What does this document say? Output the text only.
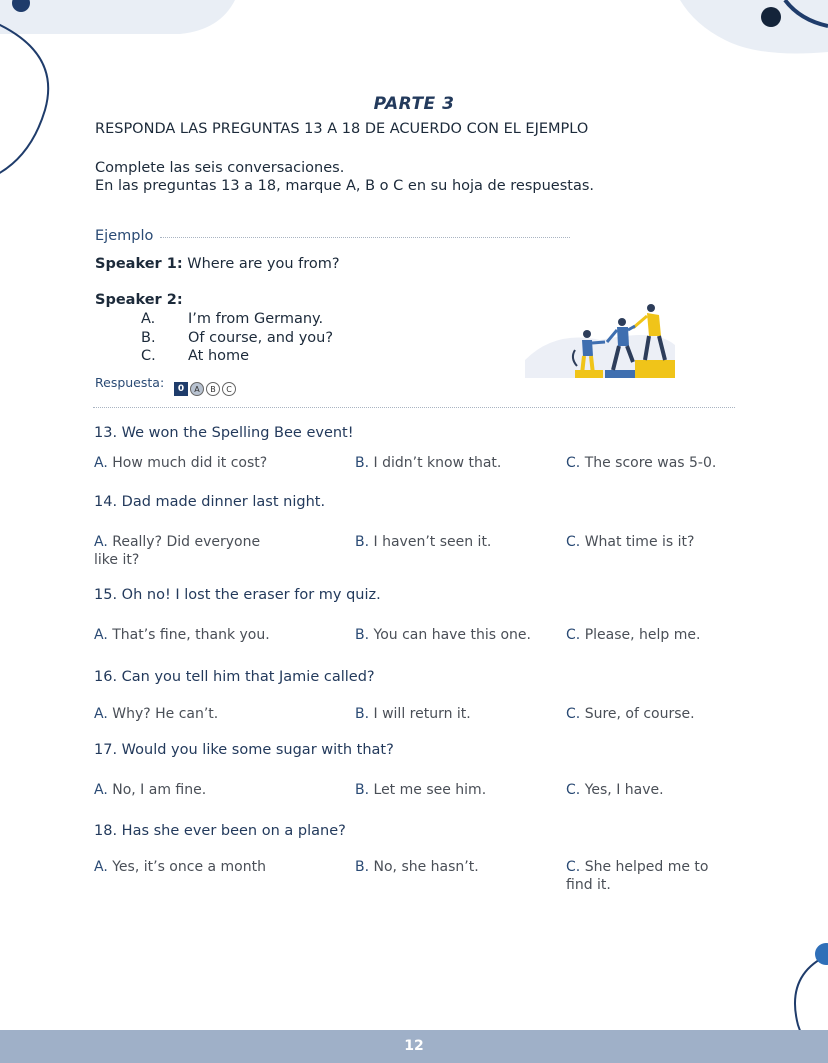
PARTE 3
RESPONDA LAS PREGUNTAS 13 A 18 DE ACUERDO CON EL EJEMPLO
Complete las seis conversaciones.
En las preguntas 13 a 18, marque A, B o C en su hoja de respuestas.
Ejemplo
Speaker 1: Where are you from?
Speaker 2:
A. I’m from Germany.
B. Of course, and you?
C. At home
Respuesta:	0	A	B	C
13. We won the Spelling Bee event!
A. How much did it cost?	B. I didn’t know that.	C. The score was 5-0.
14. Dad made dinner last night.
A. Really? Did everyone like it?
B. I haven’t seen it.	C. What time is it?
15. Oh no! I lost the eraser for my quiz.
A. That’s fine, thank you.	B. You can have this one.	C. Please, help me.
16. Can you tell him that Jamie called?
A. Why? He can’t.	B. I will return it.	C. Sure, of course.
17. Would you like some sugar with that?
A. No, I am fine.	B. Let me see him.	C. Yes, I have.
18. Has she ever been on a plane?
A. Yes, it’s once a month	B. No, she hasn’t.	C. She helped me to find it.
12
